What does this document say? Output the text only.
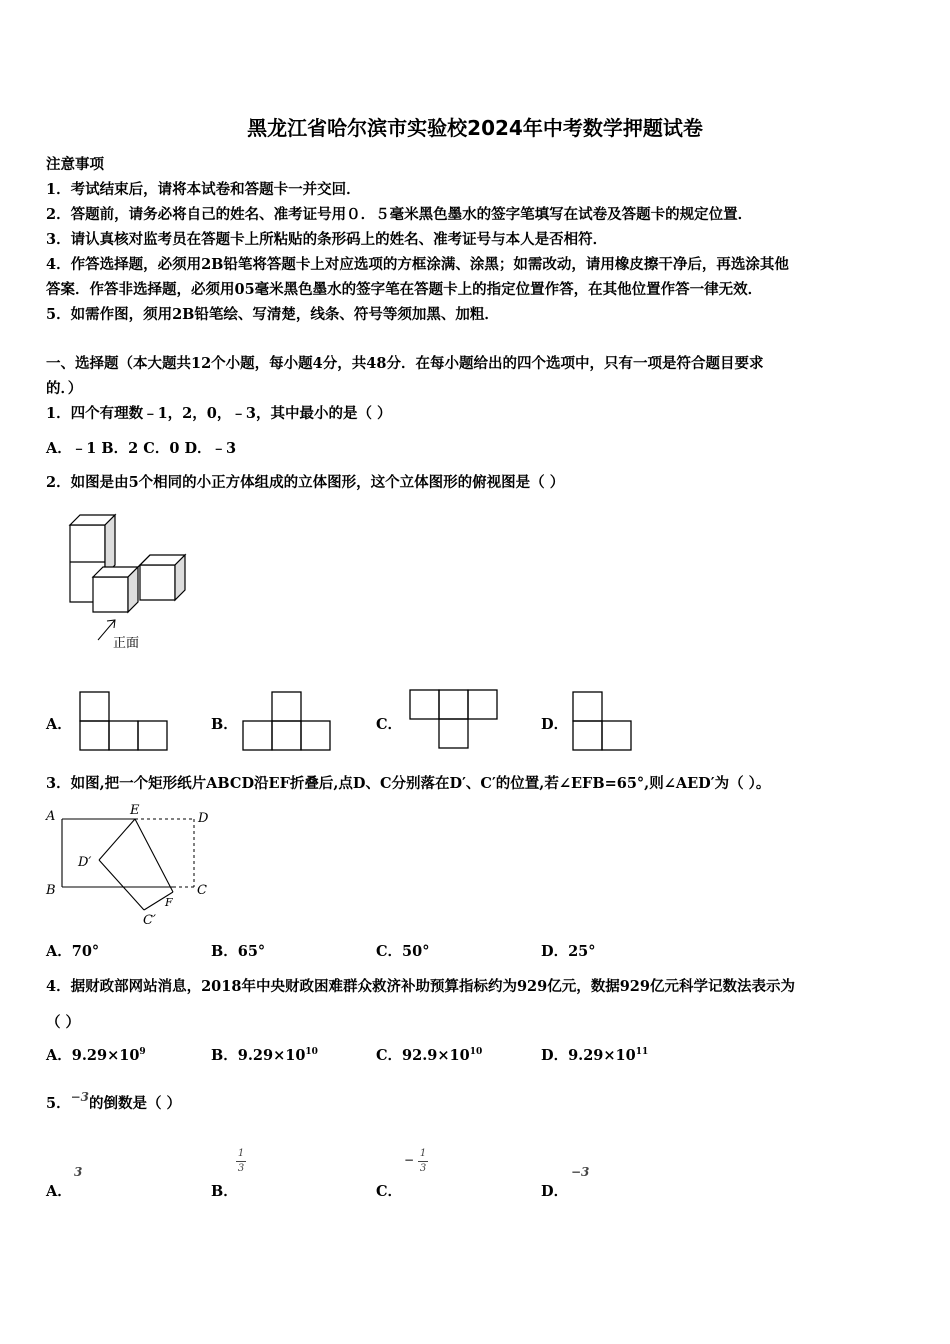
黑龙江省哈尔滨市实验校2024年中考数学押题试卷
注意事项
1．考试结束后，请将本试卷和答题卡一并交回．
2．答题前，请务必将自己的姓名、准考证号用０．５毫米黑色墨水的签字笔填写在试卷及答题卡的规定位置．
3．请认真核对监考员在答题卡上所粘贴的条形码上的姓名、准考证号与本人是否相符．
4．作答选择题，必须用2B铅笔将答题卡上对应选项的方框涂满、涂黑；如需改动，请用橡皮擦干净后，再选涂其他
答案．作答非选择题，必须用05毫米黑色墨水的签字笔在答题卡上的指定位置作答，在其他位置作答一律无效．
5．如需作图，须用2B铅笔绘、写清楚，线条、符号等须加黑、加粗．
一、选择题（本大题共12个小题，每小题4分，共48分．在每小题给出的四个选项中，只有一项是符合题目要求
的．）
1．四个有理数﹣1，2，0，﹣3，其中最小的是（ ）
A．﹣1 B．2 C．0 D．﹣3
2．如图是由5个相同的小正方体组成的立体图形，这个立体图形的俯视图是（ ）
正面
A．	B．	C．	D．
3．如图,把一个矩形纸片ABCD沿EF折叠后,点D、C分别落在D′、C′的位置,若∠EFB=65°,则∠AED′为（ ）。
A
B	C
D
E
F
D′
C′
A．70°	B．65°	C．50°	D．25°
4．据财政部网站消息，2018年中央财政困难群众救济补助预算指标约为929亿元，数据929亿元科学记数法表示为
（ ）
A．$9.29\times 10^9$	B．$9.29\times 10^{10}$	C．$92.9\times 10^{10}$	D．$9.29\times 10^{11}$
5．$^{-3}$的倒数是（ ）
A．
3
B．
1
3
C．
− 1
3
D．
−3
